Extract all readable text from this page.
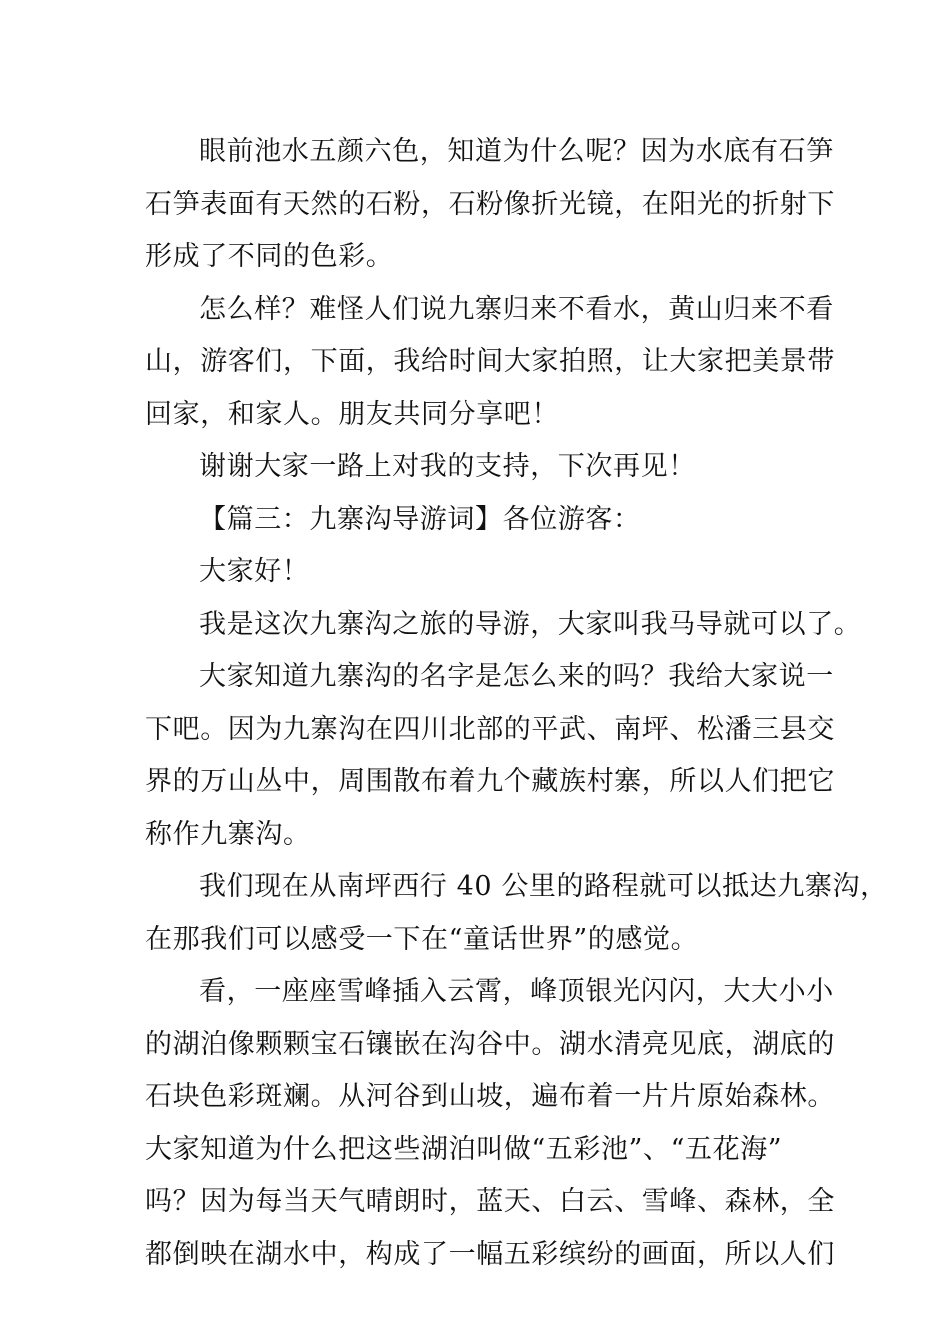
眼前池水五颜六色，知道为什么呢？因为水底有石笋
石笋表面有天然的石粉，石粉像折光镜，在阳光的折射下
形成了不同的色彩。
怎么样？难怪人们说九寨归来不看水，黄山归来不看
山，游客们，下面，我给时间大家拍照，让大家把美景带
回家，和家人。朋友共同分享吧！
谢谢大家一路上对我的支持，下次再见！
【篇三：九寨沟导游词】各位游客：
大家好！
我是这次九寨沟之旅的导游，大家叫我马导就可以了。
大家知道九寨沟的名字是怎么来的吗？我给大家说一
下吧。因为九寨沟在四川北部的平武、南坪、松潘三县交
界的万山丛中，周围散布着九个藏族村寨，所以人们把它
称作九寨沟。
我们现在从南坪西行 40 公里的路程就可以抵达九寨沟，
在那我们可以感受一下在“童话世界”的感觉。
看，一座座雪峰插入云霄，峰顶银光闪闪，大大小小
的湖泊像颗颗宝石镶嵌在沟谷中。湖水清亮见底，湖底的
石块色彩斑斓。从河谷到山坡，遍布着一片片原始森林。
大家知道为什么把这些湖泊叫做“五彩池”、“五花海”
吗？因为每当天气晴朗时，蓝天、白云、雪峰、森林，全
都倒映在湖水中，构成了一幅五彩缤纷的画面，所以人们
